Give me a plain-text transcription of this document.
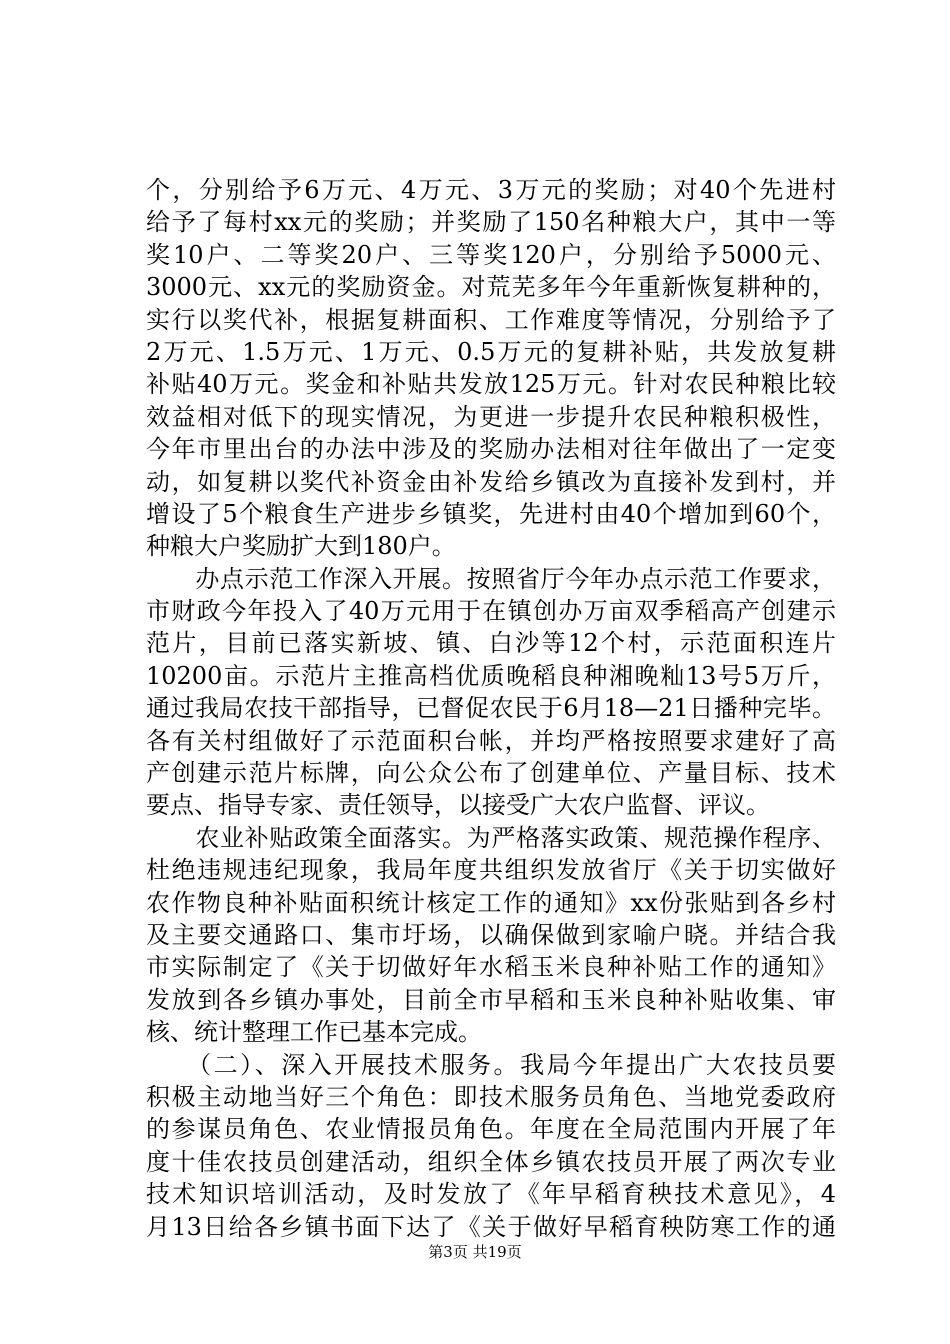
个，分别给予6万元、4万元、3万元的奖励；对40个先进村
给予了每村xx元的奖励；并奖励了150名种粮大户，其中一等
奖10户、二等奖20户、三等奖120户，分别给予5000元、
3000元、xx元的奖励资金。对荒芜多年今年重新恢复耕种的，
实行以奖代补，根据复耕面积、工作难度等情况，分别给予了
2万元、1.5万元、1万元、0.5万元的复耕补贴，共发放复耕
补贴40万元。奖金和补贴共发放125万元。针对农民种粮比较
效益相对低下的现实情况，为更进一步提升农民种粮积极性，
今年市里出台的办法中涉及的奖励办法相对往年做出了一定变
动，如复耕以奖代补资金由补发给乡镇改为直接补发到村，并
增设了5个粮食生产进步乡镇奖，先进村由40个增加到60个，
种粮大户奖励扩大到180户。
　　办点示范工作深入开展。按照省厅今年办点示范工作要求，
市财政今年投入了40万元用于在镇创办万亩双季稻高产创建示
范片，目前已落实新坡、镇、白沙等12个村，示范面积连片
10200亩。示范片主推高档优质晚稻良种湘晚籼13号5万斤，
通过我局农技干部指导，已督促农民于6月18—21日播种完毕。
各有关村组做好了示范面积台帐，并均严格按照要求建好了高
产创建示范片标牌，向公众公布了创建单位、产量目标、技术
要点、指导专家、责任领导，以接受广大农户监督、评议。
　　农业补贴政策全面落实。为严格落实政策、规范操作程序、
杜绝违规违纪现象，我局年度共组织发放省厅《关于切实做好
农作物良种补贴面积统计核定工作的通知》xx份张贴到各乡村
及主要交通路口、集市圩场，以确保做到家喻户晓。并结合我
市实际制定了《关于切做好年水稻玉米良种补贴工作的通知》
发放到各乡镇办事处，目前全市早稻和玉米良种补贴收集、审
核、统计整理工作已基本完成。
　　（二）、深入开展技术服务。我局今年提出广大农技员要
积极主动地当好三个角色：即技术服务员角色、当地党委政府
的参谋员角色、农业情报员角色。年度在全局范围内开展了年
度十佳农技员创建活动，组织全体乡镇农技员开展了两次专业
技术知识培训活动，及时发放了《年早稻育秧技术意见》，4
月13日给各乡镇书面下达了《关于做好早稻育秧防寒工作的通
第3页 共19页
